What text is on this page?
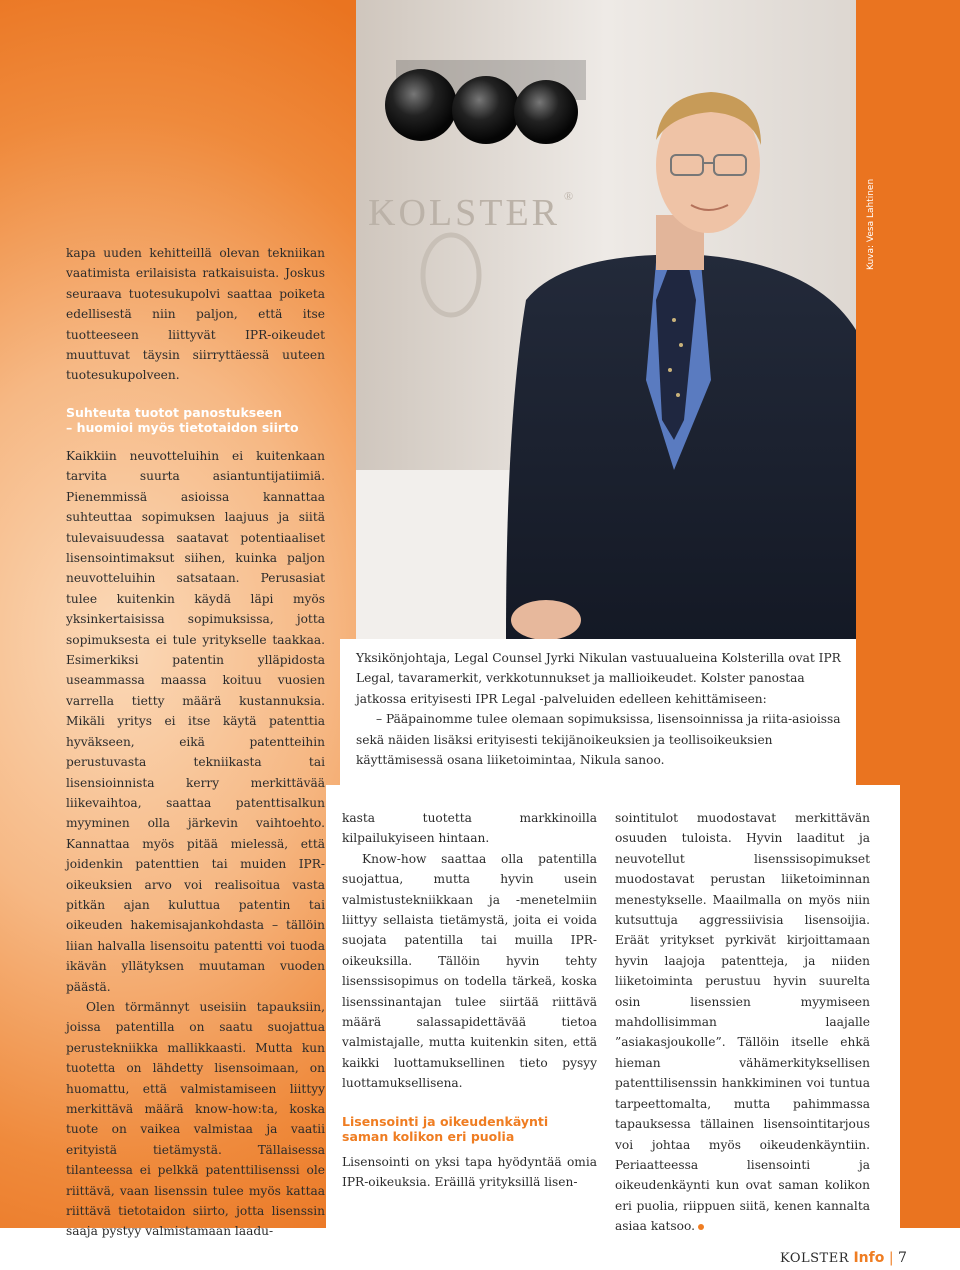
KOLSTER ®	Kuva: Vesa Lahtinen

kapa uuden kehitteillä olevan tekniikan vaatimista erilaisista ratkaisuista. Joskus seuraava tuotesukupolvi saattaa poiketa edellisestä niin paljon, että itse tuotteeseen liittyvät IPR-oikeudet muuttuvat täysin siirryttäessä uuteen tuotesukupolveen.

Suhteuta tuotot panostukseen
– huomioi myös tietotaidon siirto

Kaikkiin neuvotteluihin ei kuitenkaan tarvita suurta asiantuntijatiimiä. Pienemmissä asioissa kannattaa suhteuttaa sopimuksen laajuus ja siitä tulevaisuudessa saatavat potentiaaliset lisensointimaksut siihen, kuinka paljon neuvotteluihin satsataan. Perusasiat tulee kuitenkin käydä läpi myös yksinkertaisissa sopimuksissa, jotta sopimuksesta ei tule yritykselle taakkaa. Esimerkiksi patentin ylläpidosta useammassa maassa koituu vuosien varrella tietty määrä kustannuksia. Mikäli yritys ei itse käytä patenttia hyväkseen, eikä patentteihin perustuvasta tekniikasta tai lisensioinnista kerry merkittävää liikevaihtoa, saattaa patenttisalkun myyminen olla järkevin vaihtoehto. Kannattaa myös pitää mielessä, että joidenkin patenttien tai muiden IPR-oikeuksien arvo voi realisoitua vasta pitkän ajan kuluttua patentin tai oikeuden hakemisajankohdasta – tällöin liian halvalla lisensoitu patentti voi tuoda ikävän yllätyksen muutaman vuoden päästä.

Olen törmännyt useisiin tapauksiin, joissa patentilla on saatu suojattua perustekniikka mallikkaasti. Mutta kun tuotetta on lähdetty lisensoimaan, on huomattu, että valmistamiseen liittyy merkittävä määrä know-how:ta, koska tuote on vaikea valmistaa ja vaatii erityistä tietämystä. Tällaisessa tilanteessa ei pelkkä patenttilisenssi ole riittävä, vaan lisenssin tulee myös kattaa riittävä tietotaidon siirto, jotta lisenssin saaja pystyy valmistamaan laadu-

Yksikönjohtaja, Legal Counsel Jyrki Nikulan vastuualueina Kolsterilla ovat IPR Legal, tavaramerkit, verkkotunnukset ja mallioikeudet. Kolster panostaa jatkossa erityisesti IPR Legal -palveluiden edelleen kehittämiseen:

– Pääpainomme tulee olemaan sopimuksissa, lisensoinnissa ja riita-asioissa sekä näiden lisäksi erityisesti tekijänoikeuksien ja teollisoikeuksien käyttämisessä osana liiketoimintaa, Nikula sanoo.

kasta tuotetta markkinoilla kilpailukyiseen hintaan.

Know-how saattaa olla patentilla suojattua, mutta hyvin usein valmistustekniikkaan ja -menetelmiin liittyy sellaista tietämystä, joita ei voida suojata patentilla tai muilla IPR-oikeuksilla. Tällöin hyvin tehty lisenssisopimus on todella tärkeä, koska lisenssinantajan tulee siirtää riittävä määrä salassapidettävää tietoa valmistajalle, mutta kuitenkin siten, että kaikki luottamuksellinen tieto pysyy luottamuksellisena.

Lisensointi ja oikeudenkäynti
saman kolikon eri puolia

Lisensointi on yksi tapa hyödyntää omia IPR-oikeuksia. Eräillä yrityksillä lisen-

sointitulot muodostavat merkittävän osuuden tuloista. Hyvin laaditut ja neuvotellut lisenssisopimukset muodostavat perustan liiketoiminnan menestykselle. Maailmalla on myös niin kutsuttuja aggressiivisia lisensoijia. Eräät yritykset pyrkivät kirjoittamaan hyvin laajoja patentteja, ja niiden liiketoiminta perustuu hyvin suurelta osin lisenssien myymiseen mahdollisimman laajalle ”asiakasjoukolle”. Tällöin itselle ehkä hieman vähämerkityksellisen patenttilisenssin hankkiminen voi tuntua tarpeettomalta, mutta pahimmassa tapauksessa tällainen lisensointitarjous voi johtaa myös oikeudenkäyntiin. Periaatteessa lisensointi ja oikeudenkäynti kun ovat saman kolikon eri puolia, riippuen siitä, kenen kannalta asiaa katsoo.

KOLSTER Info | 7
